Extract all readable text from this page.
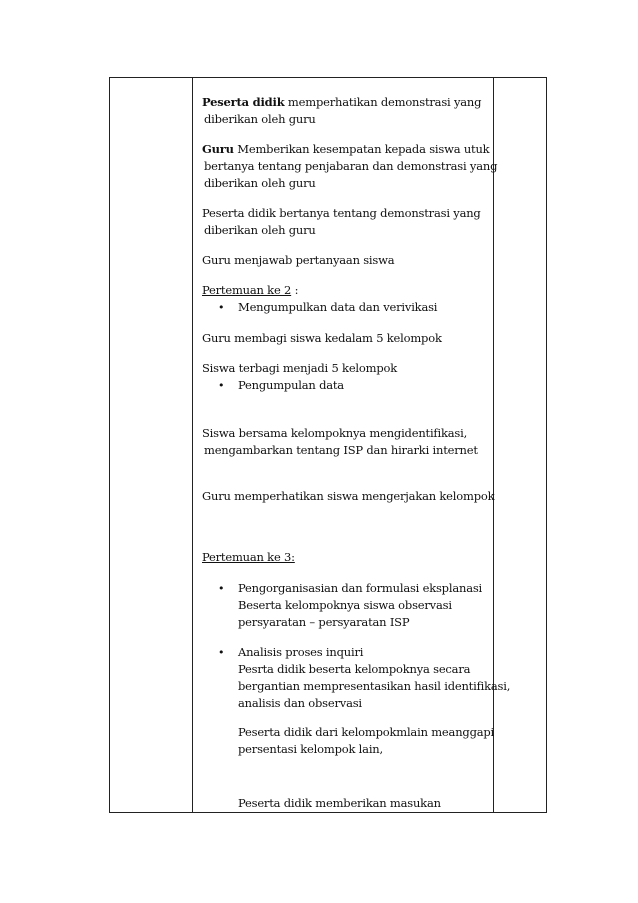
Peserta didik memperhatikan demonstrasi yang
diberikan oleh guru
Guru Memberikan kesempatan kepada siswa utuk
bertanya tentang penjabaran dan demonstrasi yang
diberikan oleh guru
Peserta didik bertanya tentang demonstrasi yang
diberikan oleh guru
Guru menjawab pertanyaan siswa
Pertemuan ke 2 :
•
Mengumpulkan data dan verivikasi
Guru membagi siswa kedalam 5 kelompok
Siswa terbagi menjadi 5 kelompok
•
Pengumpulan data
Siswa bersama kelompoknya mengidentifikasi,
mengambarkan tentang ISP dan hirarki internet
Guru memperhatikan siswa mengerjakan kelompok
Pertemuan ke 3:
•
Pengorganisasian dan formulasi eksplanasi
Beserta kelompoknya siswa observasi
persyaratan – persyaratan ISP
•
Analisis proses inquiri
Pesrta didik beserta kelompoknya secara
bergantian mempresentasikan hasil identifikasi,
analisis dan observasi
Peserta didik dari kelompokmlain meanggapi
persentasi kelompok lain,
Peserta didik memberikan masukan
